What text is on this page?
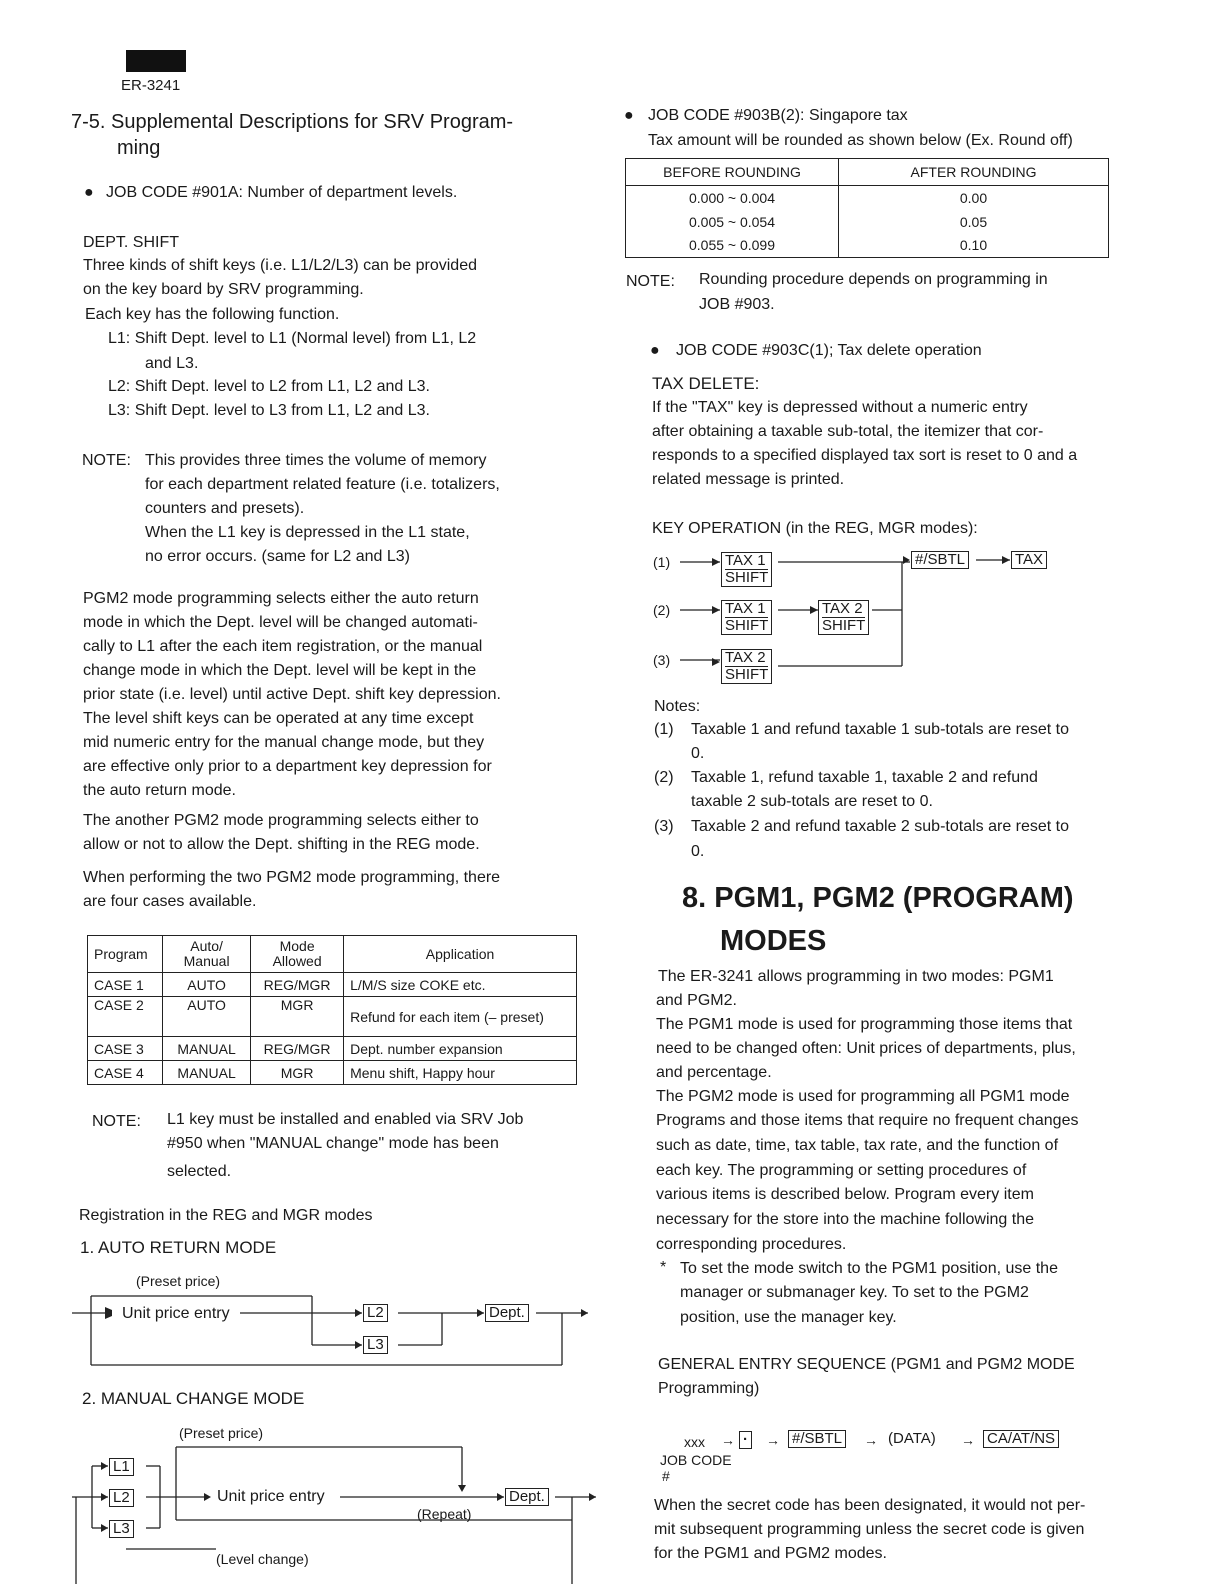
ER-3241
7-5. Supplemental Descriptions for SRV Program-
ming
● JOB CODE #901A: Number of department levels.
DEPT. SHIFT
Three kinds of shift keys (i.e. L1/L2/L3) can be provided
on the key board by SRV programming.
Each key has the following function.
L1: Shift Dept. level to L1 (Normal level) from L1, L2
and L3.
L2: Shift Dept. level to L2 from L1, L2 and L3.
L3: Shift Dept. level to L3 from L1, L2 and L3.
NOTE: This provides three times the volume of memory
for each department related feature (i.e. totalizers,
counters and presets).
When the L1 key is depressed in the L1 state,
no error occurs. (same for L2 and L3)
PGM2 mode programming selects either the auto return
mode in which the Dept. level will be changed automati-
cally to L1 after the each item registration, or the manual
change mode in which the Dept. level will be kept in the
prior state (i.e. level) until active Dept. shift key depression.
The level shift keys can be operated at any time except
mid numeric entry for the manual change mode, but they
are effective only prior to a department key depression for
the auto return mode.
The another PGM2 mode programming selects either to
allow or not to allow the Dept. shifting in the REG mode.
When performing the two PGM2 mode programming, there
are four cases available.
Program	Auto/ Manual	Mode Allowed	Application
CASE 1	AUTO	REG/MGR	L/M/S size COKE etc.
CASE 2	AUTO	MGR	Refund for each item (– preset)
CASE 3	MANUAL	REG/MGR	Dept. number expansion
CASE 4	MANUAL	MGR	Menu shift, Happy hour
NOTE: L1 key must be installed and enabled via SRV Job
#950 when "MANUAL change" mode has been
selected.
Registration in the REG and MGR modes
1. AUTO RETURN MODE
(Preset price)
Unit price entry	L2
L3
Dept.
2. MANUAL CHANGE MODE
(Preset price)
L1
L2
L3
Unit price entry	Dept.
(Repeat)
(Level change)
● JOB CODE #903B(2): Singapore tax
Tax amount will be rounded as shown below (Ex. Round off)
BEFORE ROUNDING	AFTER ROUNDING
0.000 ~ 0.004	0.00
0.005 ~ 0.054	0.05
0.055 ~ 0.099	0.10
NOTE: Rounding procedure depends on programming in
JOB #903.
● JOB CODE #903C(1); Tax delete operation
TAX DELETE:
If the "TAX" key is depressed without a numeric entry
after obtaining a taxable sub-total, the itemizer that cor-
responds to a specified displayed tax sort is reset to 0 and a
related message is printed.
KEY OPERATION (in the REG, MGR modes):
(1)
(2)
(3)
TAX 1
SHIFT
TAX 1
SHIFT
TAX 2
SHIFT
TAX 2
SHIFT
#/SBTL	TAX
Notes:
(1) Taxable 1 and refund taxable 1 sub-totals are reset to
0.
(2) Taxable 1, refund taxable 1, taxable 2 and refund
taxable 2 sub-totals are reset to 0.
(3) Taxable 2 and refund taxable 2 sub-totals are reset to
0.
8. PGM1, PGM2 (PROGRAM)
MODES
The ER-3241 allows programming in two modes: PGM1
and PGM2.
The PGM1 mode is used for programming those items that
need to be changed often: Unit prices of departments, plus,
and percentage.
The PGM2 mode is used for programming all PGM1 mode
Programs and those items that require no frequent changes
such as date, time, tax table, tax rate, and the function of
each key. The programming or setting procedures of
various items is described below. Program every item
necessary for the store into the machine following the
corresponding procedures.
* To set the mode switch to the PGM1 position, use the
manager or submanager key. To set to the PGM2
position, use the manager key.
GENERAL ENTRY SEQUENCE (PGM1 and PGM2 MODE
Programming)
xxx → · → #/SBTL → (DATA) → CA/AT/NS
JOB CODE
#
When the secret code has been designated, it would not per-
mit subsequent programming unless the secret code is given
for the PGM1 and PGM2 modes.
